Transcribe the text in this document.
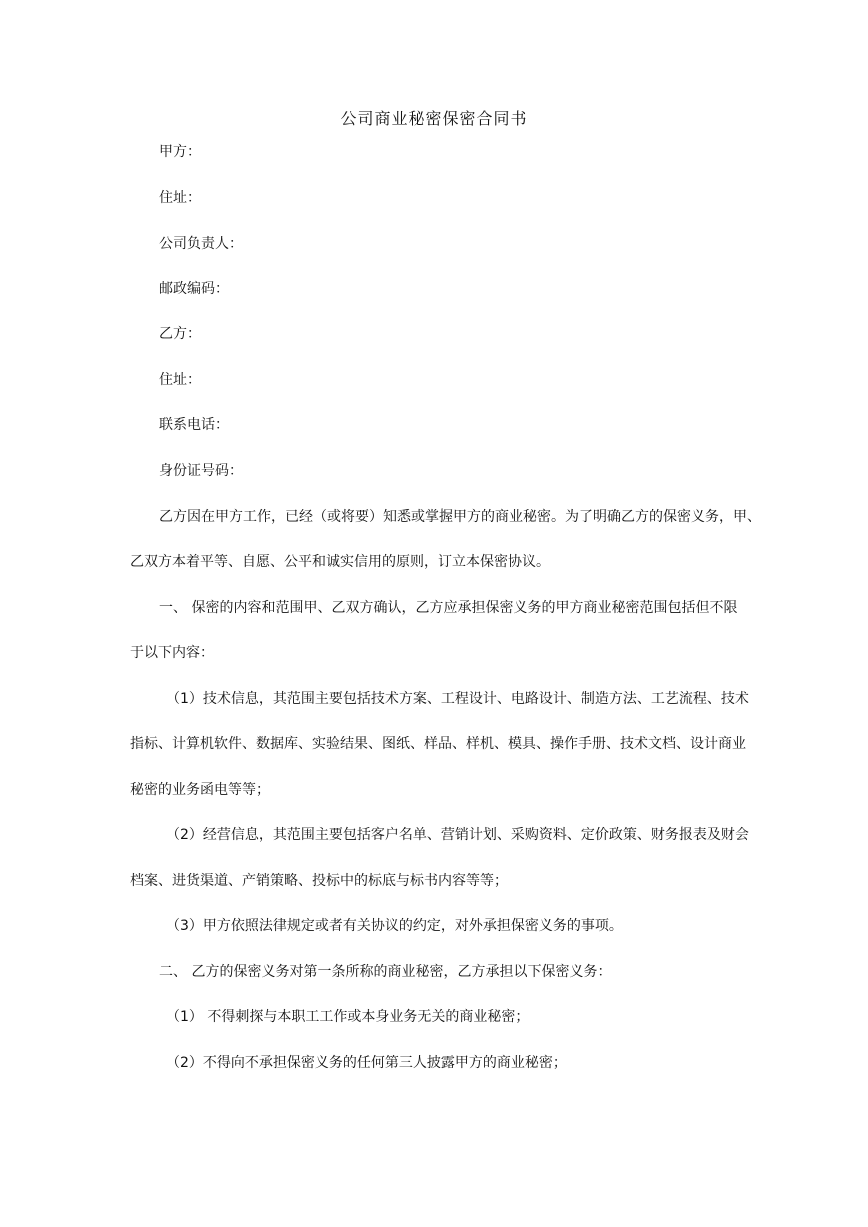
公司商业秘密保密合同书

甲方：

住址：

公司负责人：

邮政编码：

乙方：

住址：

联系电话：

身份证号码：

乙方因在甲方工作，已经（或将要）知悉或掌握甲方的商业秘密。为了明确乙方的保密义务，甲、

乙双方本着平等、自愿、公平和诚实信用的原则，订立本保密协议。

一、 保密的内容和范围甲、乙双方确认，乙方应承担保密义务的甲方商业秘密范围包括但不限

于以下内容：

（1）技术信息，其范围主要包括技术方案、工程设计、电路设计、制造方法、工艺流程、技术

指标、计算机软件、数据库、实验结果、图纸、样品、样机、模具、操作手册、技术文档、设计商业

秘密的业务函电等等；

（2）经营信息，其范围主要包括客户名单、营销计划、采购资料、定价政策、财务报表及财会

档案、进货渠道、产销策略、投标中的标底与标书内容等等；

（3）甲方依照法律规定或者有关协议的约定，对外承担保密义务的事项。

二、 乙方的保密义务对第一条所称的商业秘密，乙方承担以下保密义务：

（1） 不得刺探与本职工工作或本身业务无关的商业秘密；

（2）不得向不承担保密义务的任何第三人披露甲方的商业秘密；
